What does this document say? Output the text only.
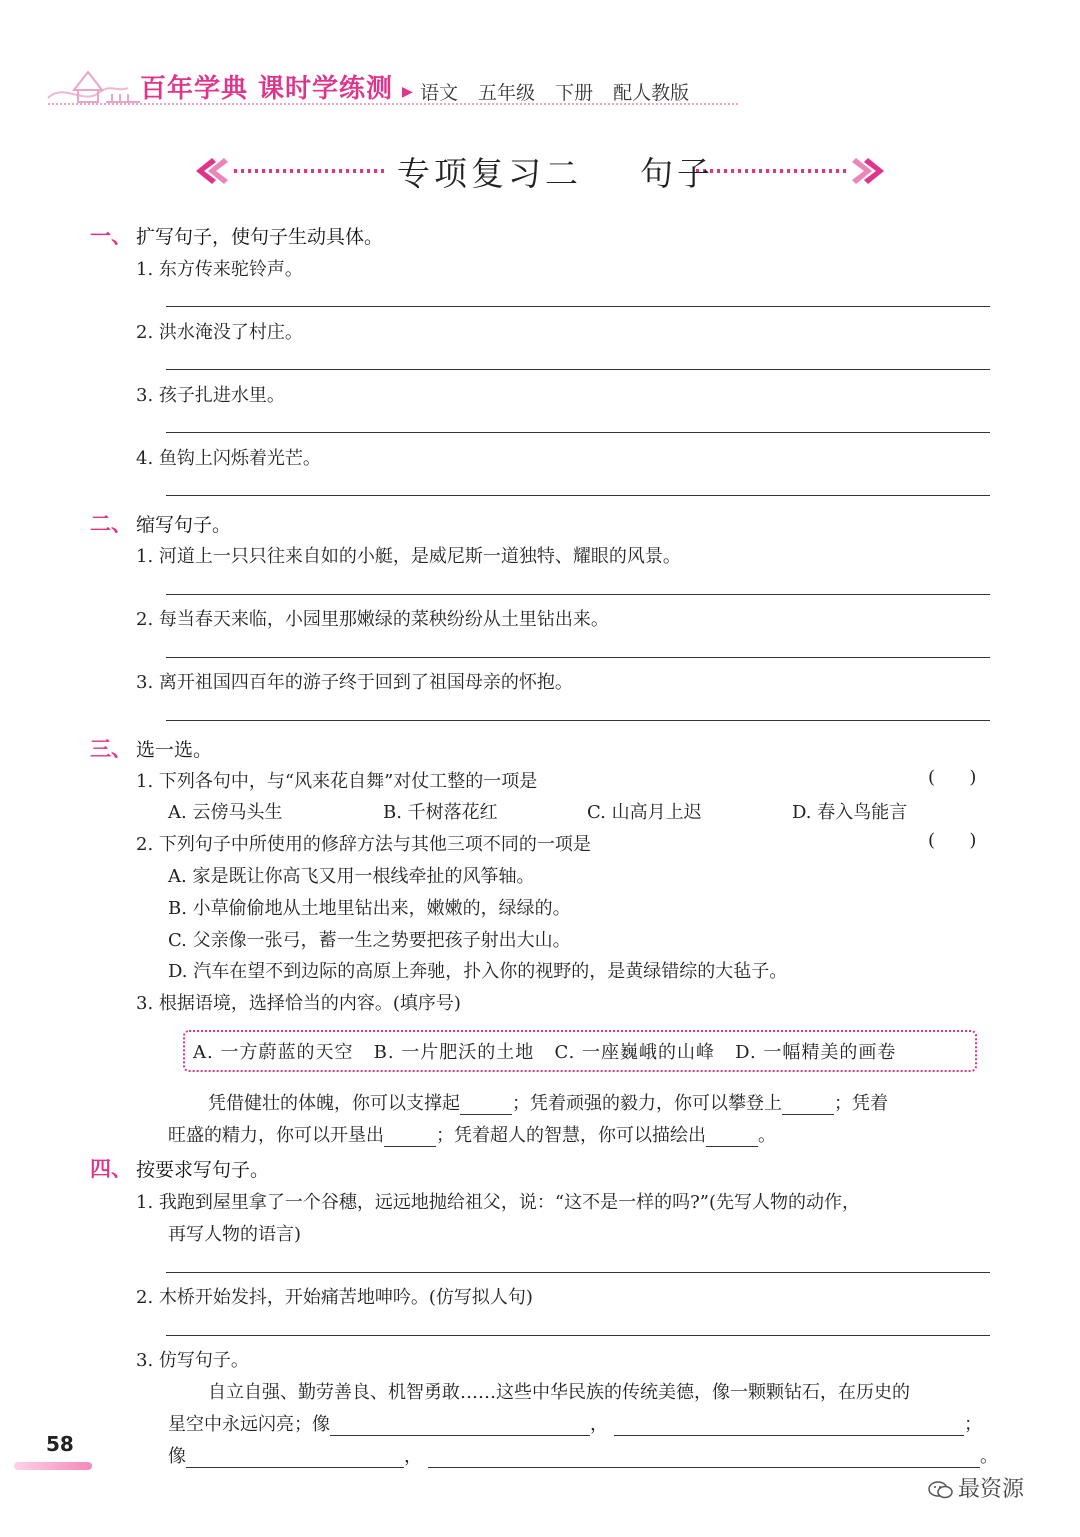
百年学典 课时学练测 ▶ 语文 五年级 下册 配人教版
专项复习二    句子
一、 扩写句子，使句子生动具体。
1. 东方传来驼铃声。
2. 洪水淹没了村庄。
3. 孩子扎进水里。
4. 鱼钩上闪烁着光芒。
二、 缩写句子。
1. 河道上一只只往来自如的小艇，是威尼斯一道独特、耀眼的风景。
2. 每当春天来临，小园里那嫩绿的菜秧纷纷从土里钻出来。
3. 离开祖国四百年的游子终于回到了祖国母亲的怀抱。
三、 选一选。
1. 下列各句中，与“风来花自舞”对仗工整的一项是	(      )
A. 云傍马头生	B. 千树落花红	C. 山高月上迟	D. 春入鸟能言
2. 下列句子中所使用的修辞方法与其他三项不同的一项是	(      )
A. 家是既让你高飞又用一根线牵扯的风筝轴。
B. 小草偷偷地从土地里钻出来，嫩嫩的，绿绿的。
C. 父亲像一张弓，蓄一生之势要把孩子射出大山。
D. 汽车在望不到边际的高原上奔驰，扑入你的视野的，是黄绿错综的大毡子。
3. 根据语境，选择恰当的内容。(填序号)
A. 一方蔚蓝的天空   B. 一片肥沃的土地   C. 一座巍峨的山峰   D. 一幅精美的画卷
凭借健壮的体魄，你可以支撑起	；凭着顽强的毅力，你可以攀登上	；凭着
旺盛的精力，你可以开垦出	；凭着超人的智慧，你可以描绘出	。
四、 按要求写句子。
1. 我跑到屋里拿了一个谷穗，远远地抛给祖父，说：“这不是一样的吗?”(先写人物的动作，
再写人物的语言)
2. 木桥开始发抖，开始痛苦地呻吟。(仿写拟人句)
3. 仿写句子。
自立自强、勤劳善良、机智勇敢……这些中华民族的传统美德，像一颗颗钻石，在历史的
星空中永远闪亮；像	，	；
像	，	。
58
最资源
